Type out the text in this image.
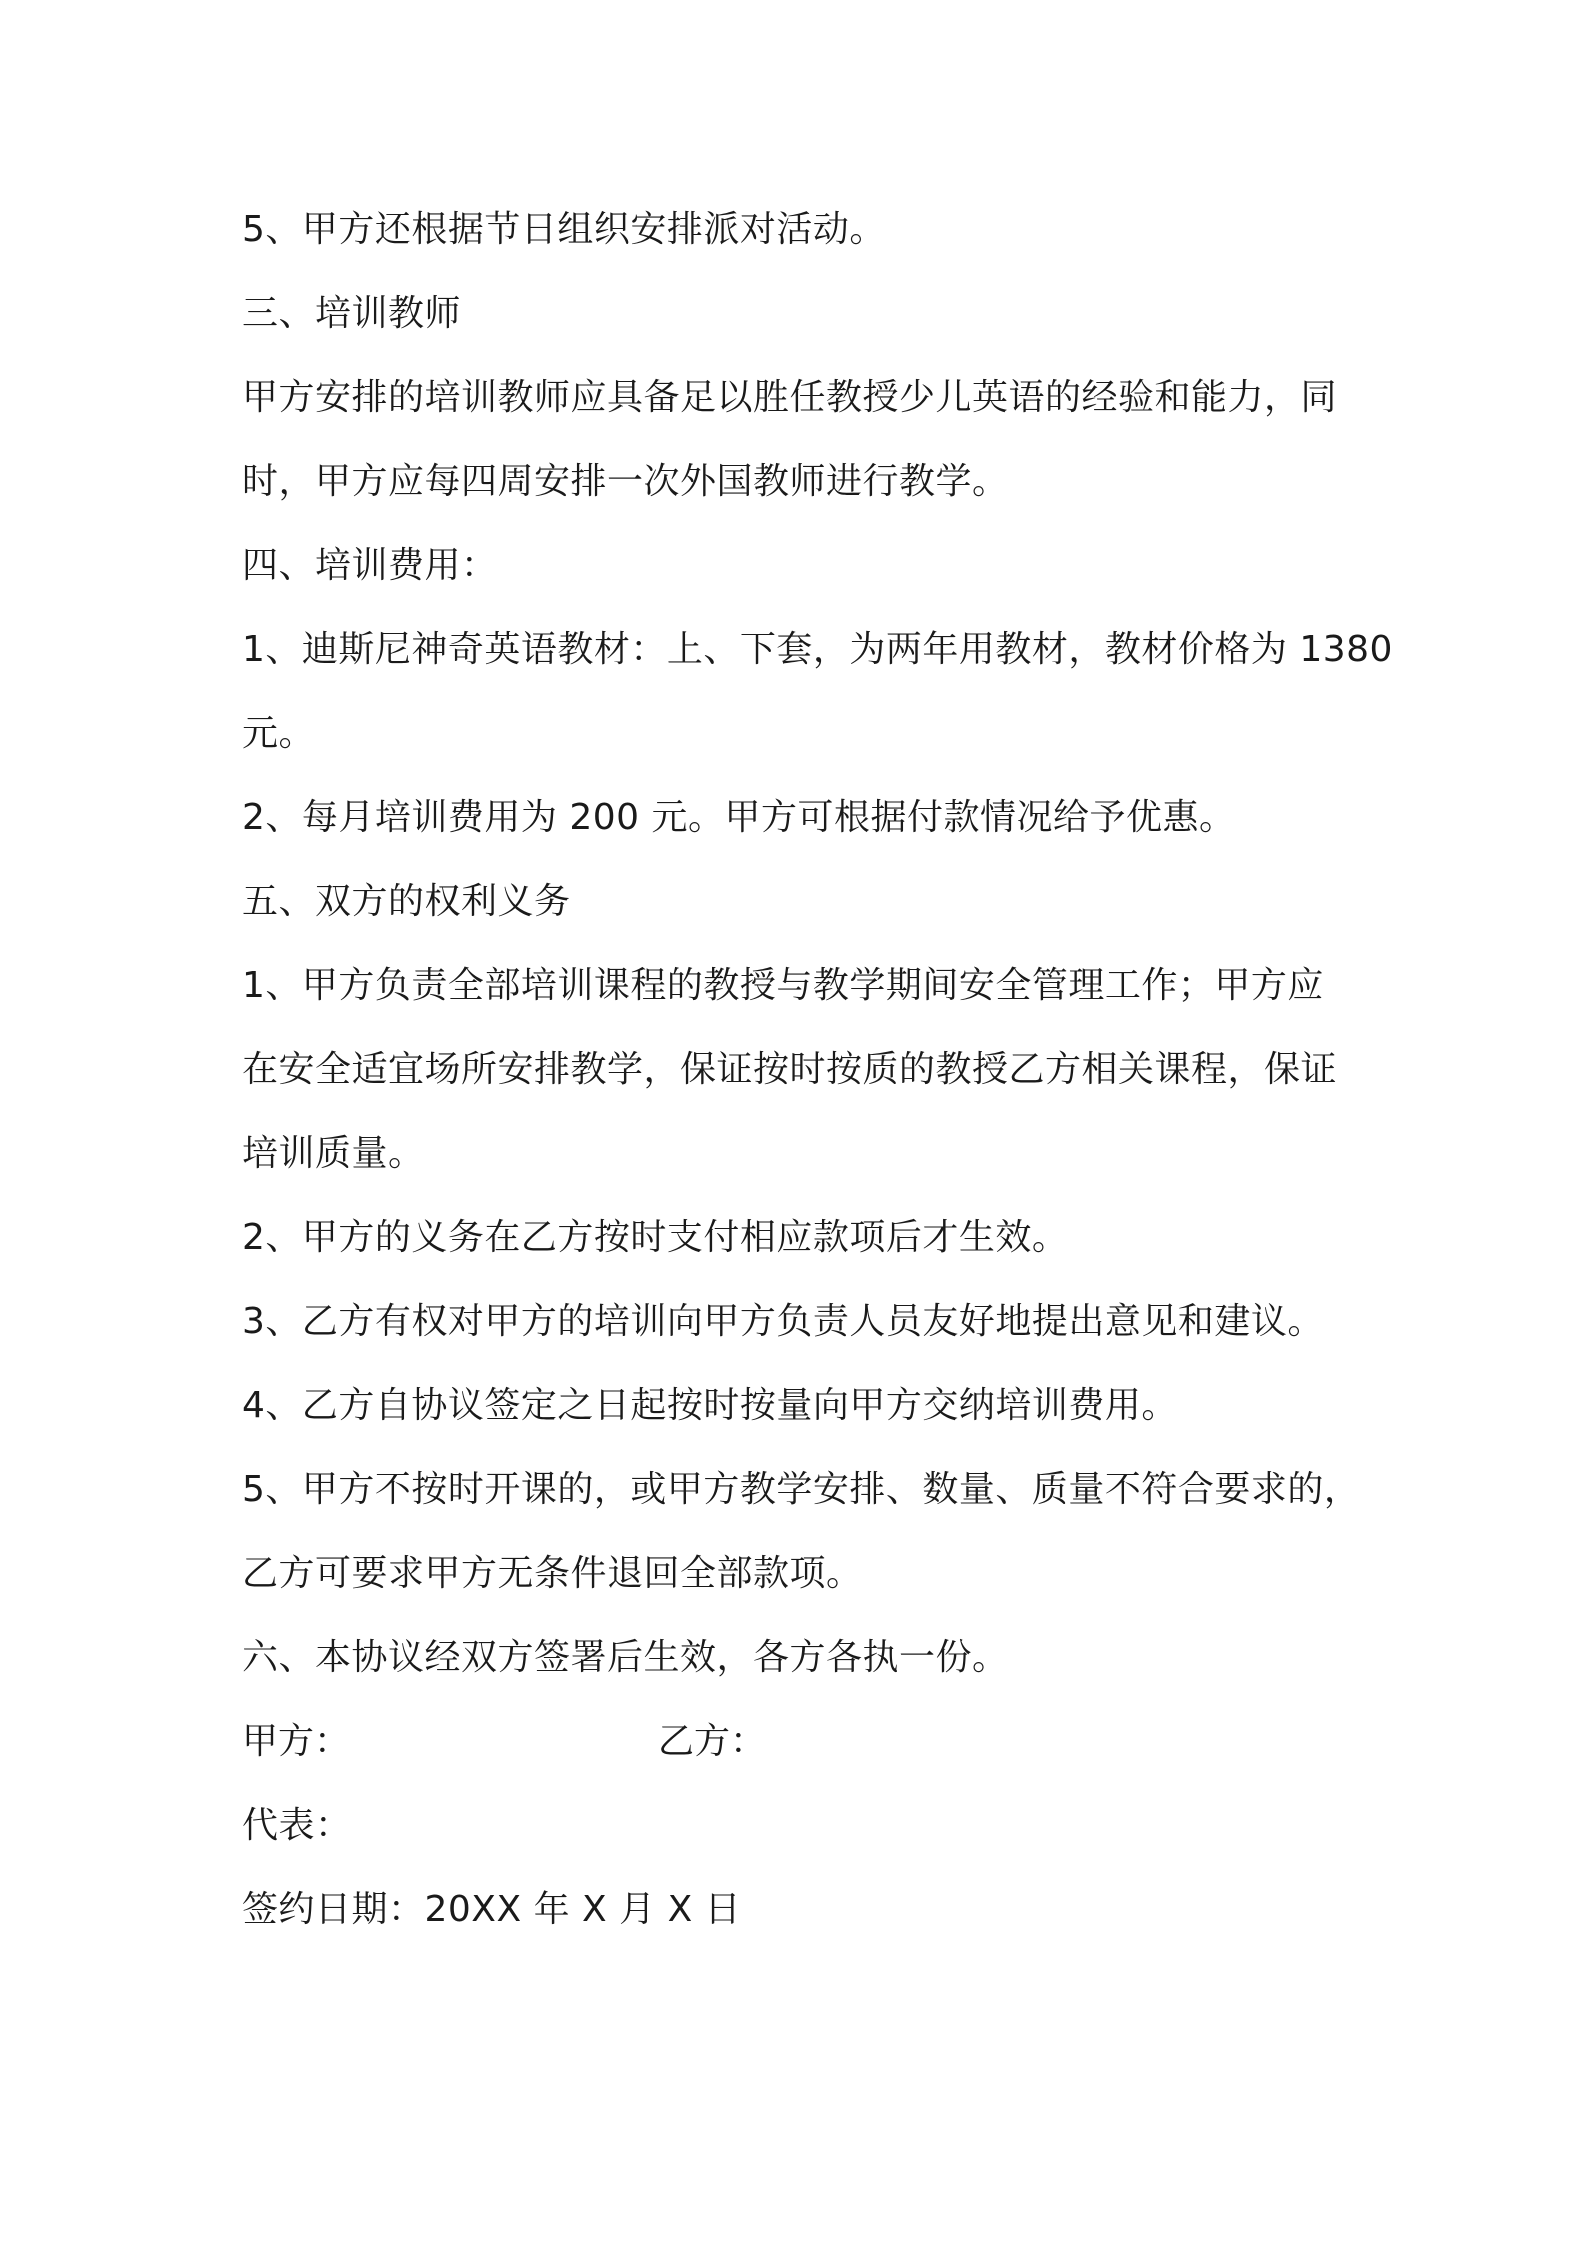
5、甲方还根据节日组织安排派对活动。
三、培训教师
甲方安排的培训教师应具备足以胜任教授少儿英语的经验和能力，同
时，甲方应每四周安排一次外国教师进行教学。
四、培训费用：
1、迪斯尼神奇英语教材：上、下套，为两年用教材，教材价格为 1380
元。
2、每月培训费用为 200 元。甲方可根据付款情况给予优惠。
五、双方的权利义务
1、甲方负责全部培训课程的教授与教学期间安全管理工作；甲方应
在安全适宜场所安排教学，保证按时按质的教授乙方相关课程，保证
培训质量。
2、甲方的义务在乙方按时支付相应款项后才生效。
3、乙方有权对甲方的培训向甲方负责人员友好地提出意见和建议。
4、乙方自协议签定之日起按时按量向甲方交纳培训费用。
5、甲方不按时开课的，或甲方教学安排、数量、质量不符合要求的，
乙方可要求甲方无条件退回全部款项。
六、本协议经双方签署后生效，各方各执一份。
甲方：	乙方：
代表：
签约日期：20XX 年 X 月 X 日
